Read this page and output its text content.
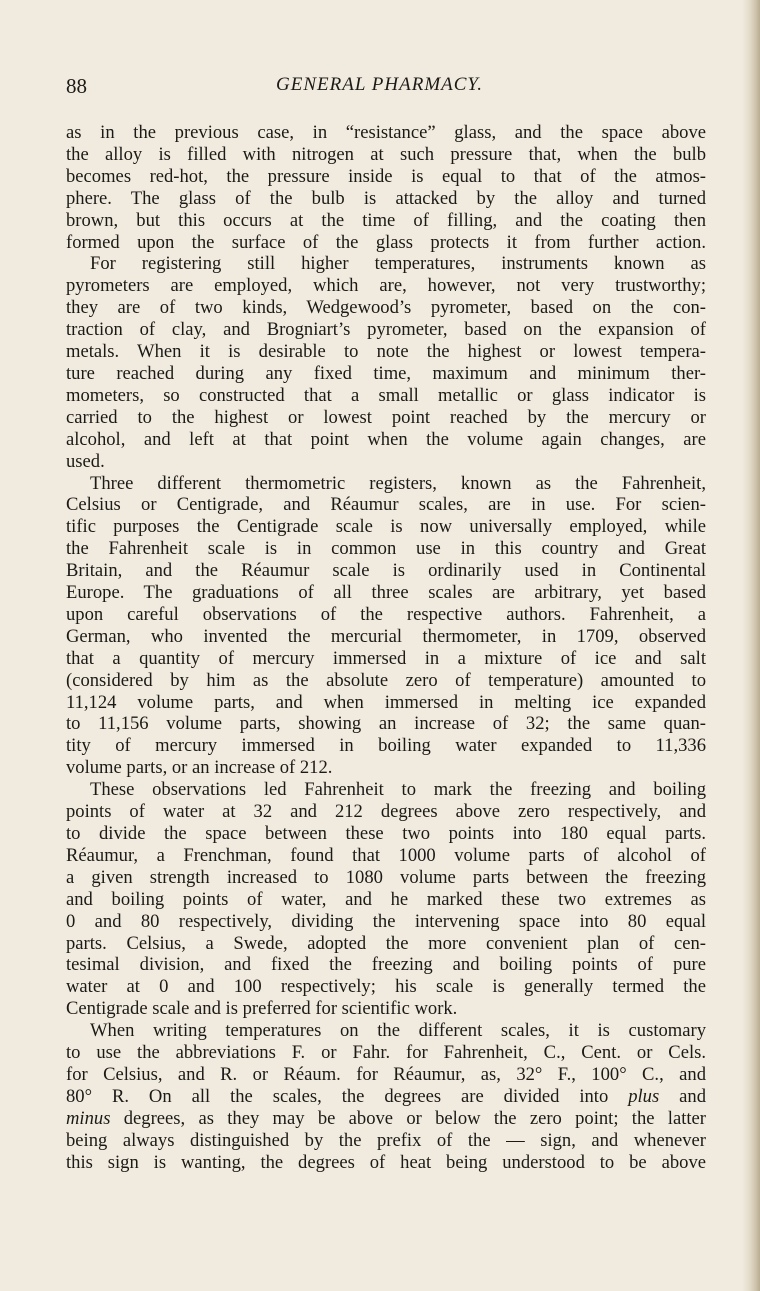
88	GENERAL PHARMACY.
as in the previous case, in “resistance” glass, and the space above
the alloy is filled with nitrogen at such pressure that, when the bulb
becomes red-hot, the pressure inside is equal to that of the atmos-
phere. The glass of the bulb is attacked by the alloy and turned
brown, but this occurs at the time of filling, and the coating then
formed upon the surface of the glass protects it from further action.
For registering still higher temperatures, instruments known as
pyrometers are employed, which are, however, not very trustworthy;
they are of two kinds, Wedgewood’s pyrometer, based on the con-
traction of clay, and Brogniart’s pyrometer, based on the expansion of
metals. When it is desirable to note the highest or lowest tempera-
ture reached during any fixed time, maximum and minimum ther-
mometers, so constructed that a small metallic or glass indicator is
carried to the highest or lowest point reached by the mercury or
alcohol, and left at that point when the volume again changes, are
used.
Three different thermometric registers, known as the Fahrenheit,
Celsius or Centigrade, and Réaumur scales, are in use. For scien-
tific purposes the Centigrade scale is now universally employed, while
the Fahrenheit scale is in common use in this country and Great
Britain, and the Réaumur scale is ordinarily used in Continental
Europe. The graduations of all three scales are arbitrary, yet based
upon careful observations of the respective authors. Fahrenheit, a
German, who invented the mercurial thermometer, in 1709, observed
that a quantity of mercury immersed in a mixture of ice and salt
(considered by him as the absolute zero of temperature) amounted to
11,124 volume parts, and when immersed in melting ice expanded
to 11,156 volume parts, showing an increase of 32; the same quan-
tity of mercury immersed in boiling water expanded to 11,336
volume parts, or an increase of 212.
These observations led Fahrenheit to mark the freezing and boiling
points of water at 32 and 212 degrees above zero respectively, and
to divide the space between these two points into 180 equal parts.
Réaumur, a Frenchman, found that 1000 volume parts of alcohol of
a given strength increased to 1080 volume parts between the freezing
and boiling points of water, and he marked these two extremes as
0 and 80 respectively, dividing the intervening space into 80 equal
parts. Celsius, a Swede, adopted the more convenient plan of cen-
tesimal division, and fixed the freezing and boiling points of pure
water at 0 and 100 respectively; his scale is generally termed the
Centigrade scale and is preferred for scientific work.
When writing temperatures on the different scales, it is customary
to use the abbreviations F. or Fahr. for Fahrenheit, C., Cent. or Cels.
for Celsius, and R. or Réaum. for Réaumur, as, 32° F., 100° C., and
80° R. On all the scales, the degrees are divided into plus and
minus degrees, as they may be above or below the zero point; the latter
being always distinguished by the prefix of the — sign, and whenever
this sign is wanting, the degrees of heat being understood to be above
